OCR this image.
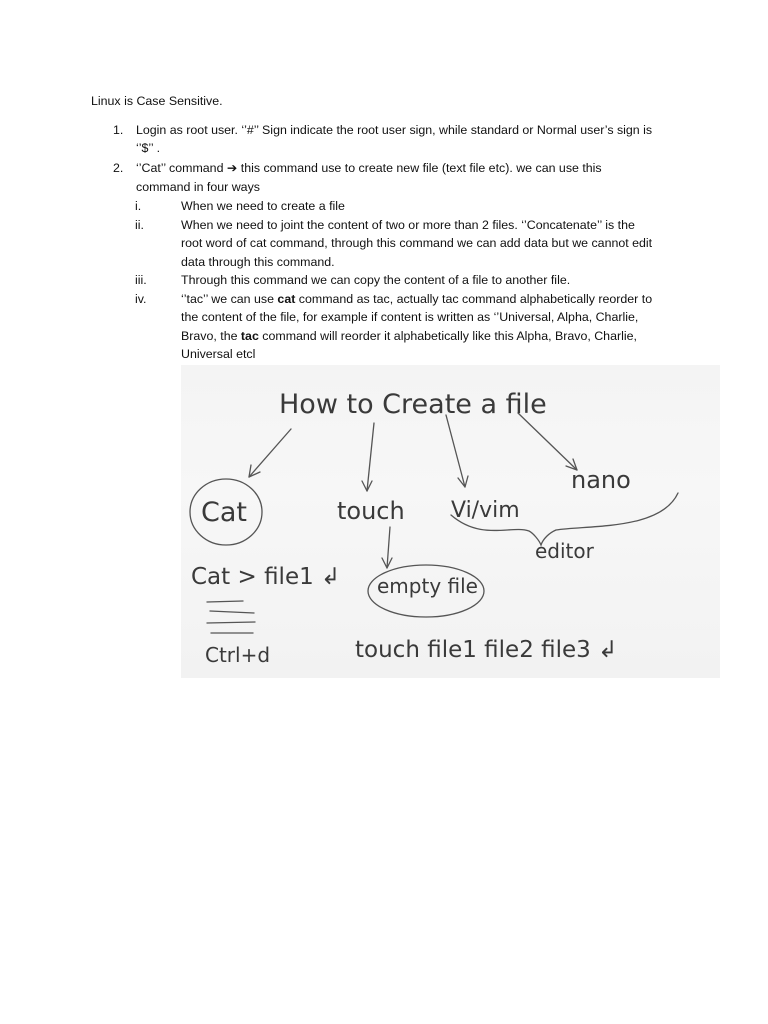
Linux is Case Sensitive.
1. Login as root user. ‘’#’’ Sign indicate the root user sign, while standard or Normal user’s sign is
‘’$’’ .
2. ‘’Cat’’ command ➔ this command use to create new file (text file etc). we can use this
command in four ways
i.	When we need to create a file
ii.	When we need to joint the content of two or more than 2 files. ‘’Concatenate’’ is the
root word of cat command, through this command we can add data but we cannot edit
data through this command.
iii.	Through this command we can copy the content of a file to another file.
iv.	‘’tac’’ we can use cat command as tac, actually tac command alphabetically reorder to
the content of the file, for example if content is written as ‘’Universal, Alpha, Charlie,
Bravo, the tac command will reorder it alphabetically like this Alpha, Bravo, Charlie,
Universal etcl
How to Create a file
Cat	touch Vi/vim
nano
editor
Cat > file1 ↲ empty file
Ctrl+d	touch file1 file2 file3 ↲
